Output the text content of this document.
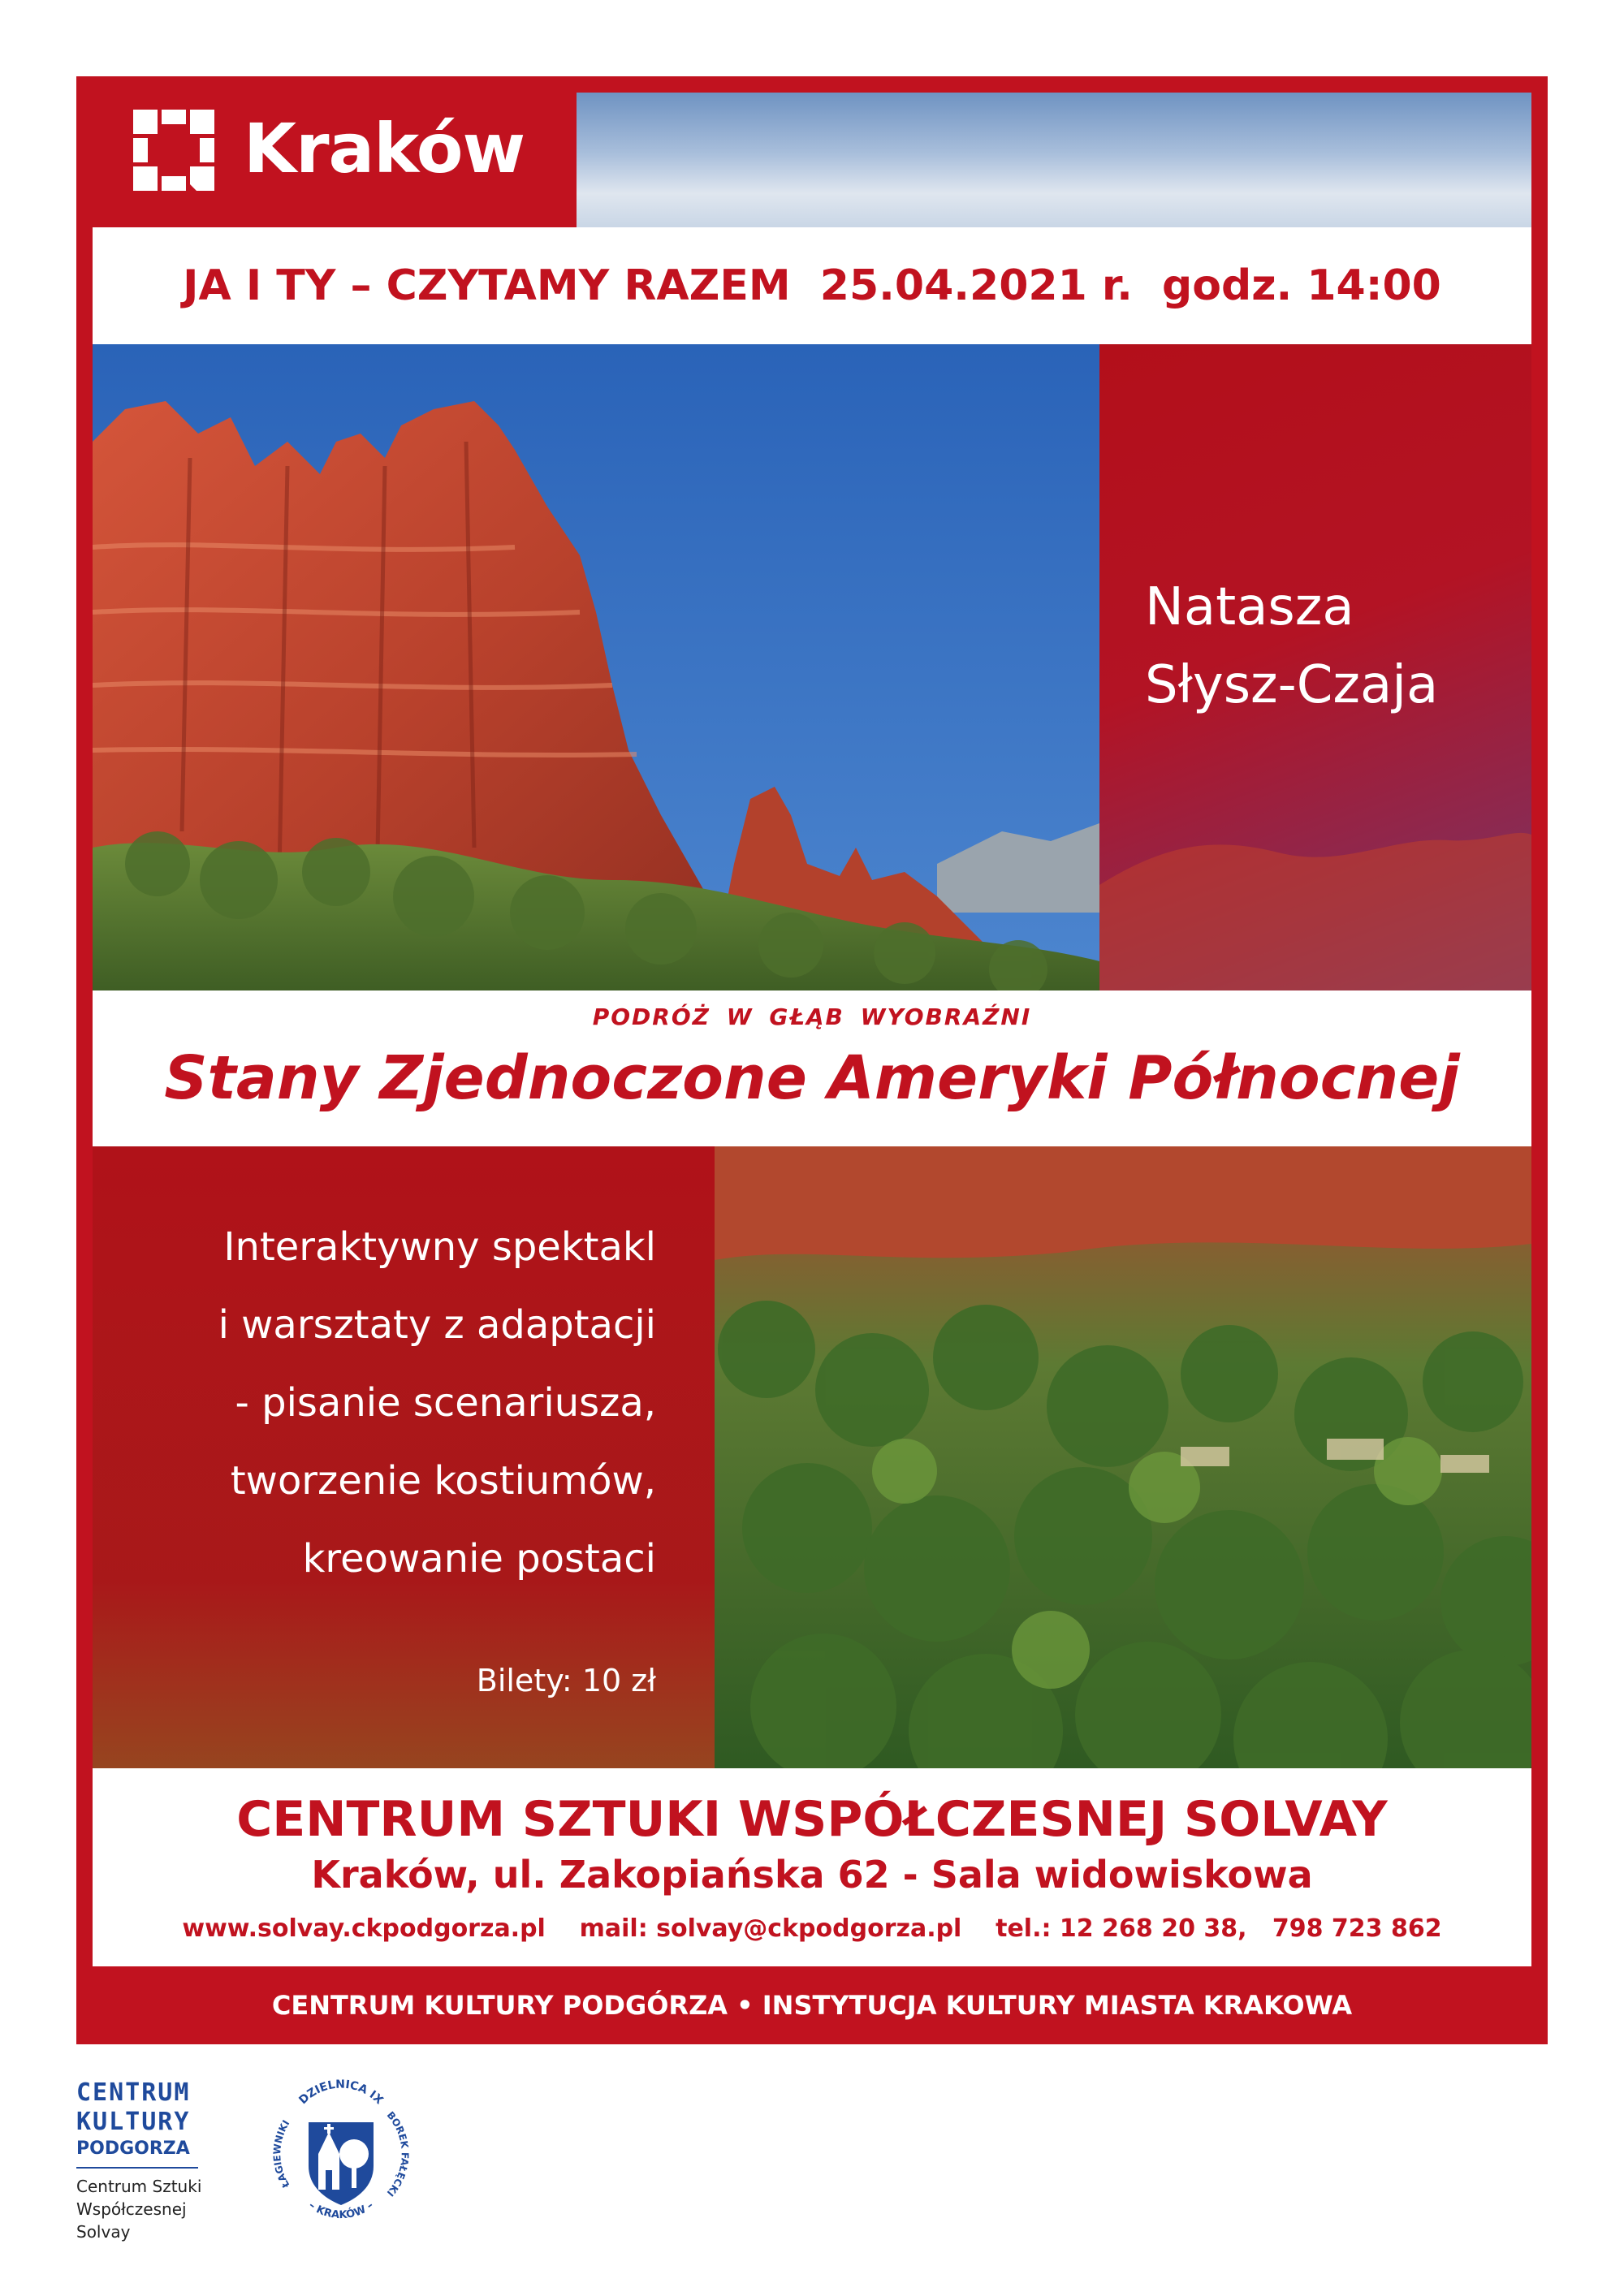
Kraków
JA I TY – CZYTAMY RAZEM  25.04.2021 r.  godz. 14:00
Natasza
Słysz-Czaja
PODRÓŻ W GŁĄB WYOBRAŹNI
Stany Zjednoczone Ameryki Północnej
Interaktywny spektakl
i warsztaty z adaptacji
- pisanie scenariusza,
tworzenie kostiumów,
kreowanie postaci
Bilety: 10 zł
CENTRUM SZTUKI WSPÓŁCZESNEJ SOLVAY
Kraków, ul. Zakopiańska 62 - Sala widowiskowa
www.solvay.ckpodgorza.pl    mail: solvay@ckpodgorza.pl    tel.: 12 268 20 38,   798 723 862
CENTRUM KULTURY PODGÓRZA • INSTYTUCJA KULTURY MIASTA KRAKOWA
CENTRUM
KULTURY
PODGORZA
Centrum Sztuki
Współczesnej
Solvay
DZIELNICA IX
ŁAGIEWNIKI
BOREK FAŁĘCKI
– KRAKÓW –
